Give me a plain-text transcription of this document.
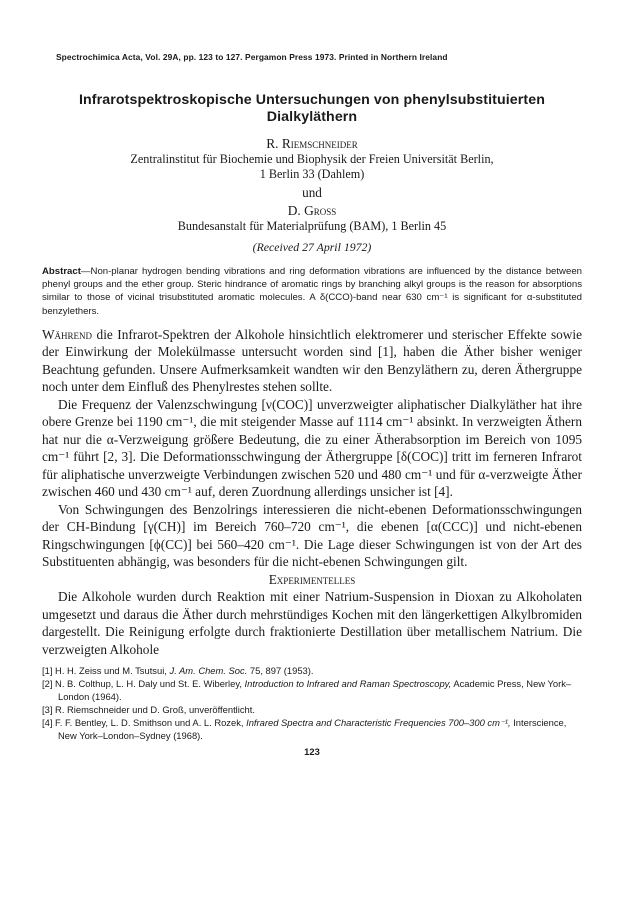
Spectrochimica Acta, Vol. 29A, pp. 123 to 127. Pergamon Press 1973. Printed in Northern Ireland
Infrarotspektroskopische Untersuchungen von phenylsubstituierten Dialkyläthern
R. Riemschneider
Zentralinstitut für Biochemie und Biophysik der Freien Universität Berlin,
1 Berlin 33 (Dahlem)
und
D. Groß
Bundesanstalt für Materialprüfung (BAM), 1 Berlin 45
(Received 27 April 1972)
Abstract—Non-planar hydrogen bending vibrations and ring deformation vibrations are influenced by the distance between phenyl groups and the ether group. Steric hindrance of aromatic rings by branching alkyl groups is the reason for absorptions similar to those of vicinal trisubstituted aromatic molecules. A δ(CCO)-band near 630 cm⁻¹ is significant for α-substituted benzylethers.

Während die Infrarot-Spektren der Alkohole hinsichtlich elektromerer und sterischer Effekte sowie der Einwirkung der Molekülmasse untersucht worden sind [1], haben die Äther bisher weniger Beachtung gefunden. Unsere Aufmerksamkeit wandten wir den Benzyläthern zu, deren Äthergruppe noch unter dem Einfluß des Phenylrestes stehen sollte.

Die Frequenz der Valenzschwingung [ν(COC)] unverzweigter aliphatischer Dialkyläther hat ihre obere Grenze bei 1190 cm⁻¹, die mit steigender Masse auf 1114 cm⁻¹ absinkt. In verzweigten Äthern hat nur die α-Verzweigung größere Bedeutung, die zu einer Ätherabsorption im Bereich von 1095 cm⁻¹ führt [2, 3]. Die Deformationsschwingung der Äthergruppe [δ(COC)] tritt im ferneren Infrarot für aliphatische unverzweigte Verbindungen zwischen 520 und 480 cm⁻¹ und für α-verzweigte Äther zwischen 460 und 430 cm⁻¹ auf, deren Zuordnung allerdings unsicher ist [4].

Von Schwingungen des Benzolrings interessieren die nicht-ebenen Deformationsschwingungen der CH-Bindung [γ(CH)] im Bereich 760–720 cm⁻¹, die ebenen [α(CCC)] und nicht-ebenen Ringschwingungen [ϕ(CC)] bei 560–420 cm⁻¹. Die Lage dieser Schwingungen ist von der Art des Substituenten abhängig, was besonders für die nicht-ebenen Schwingungen gilt.

Experimentelles

Die Alkohole wurden durch Reaktion mit einer Natrium-Suspension in Dioxan zu Alkoholaten umgesetzt und daraus die Äther durch mehrstündiges Kochen mit den längerkettigen Alkylbromiden dargestellt. Die Reinigung erfolgte durch fraktionierte Destillation über metallischem Natrium. Die verzweigten Alkohole

[1] H. H. Zeiss und M. Tsutsui, J. Am. Chem. Soc. 75, 897 (1953).
[2] N. B. Colthup, L. H. Daly und St. E. Wiberley, Introduction to Infrared and Raman Spectroscopy, Academic Press, New York–London (1964).
[3] R. Riemschneider und D. Groß, unveröffentlicht.
[4] F. F. Bentley, L. D. Smithson und A. L. Rozek, Infrared Spectra and Characteristic Frequencies 700–300 cm⁻¹, Interscience, New York–London–Sydney (1968).
123
